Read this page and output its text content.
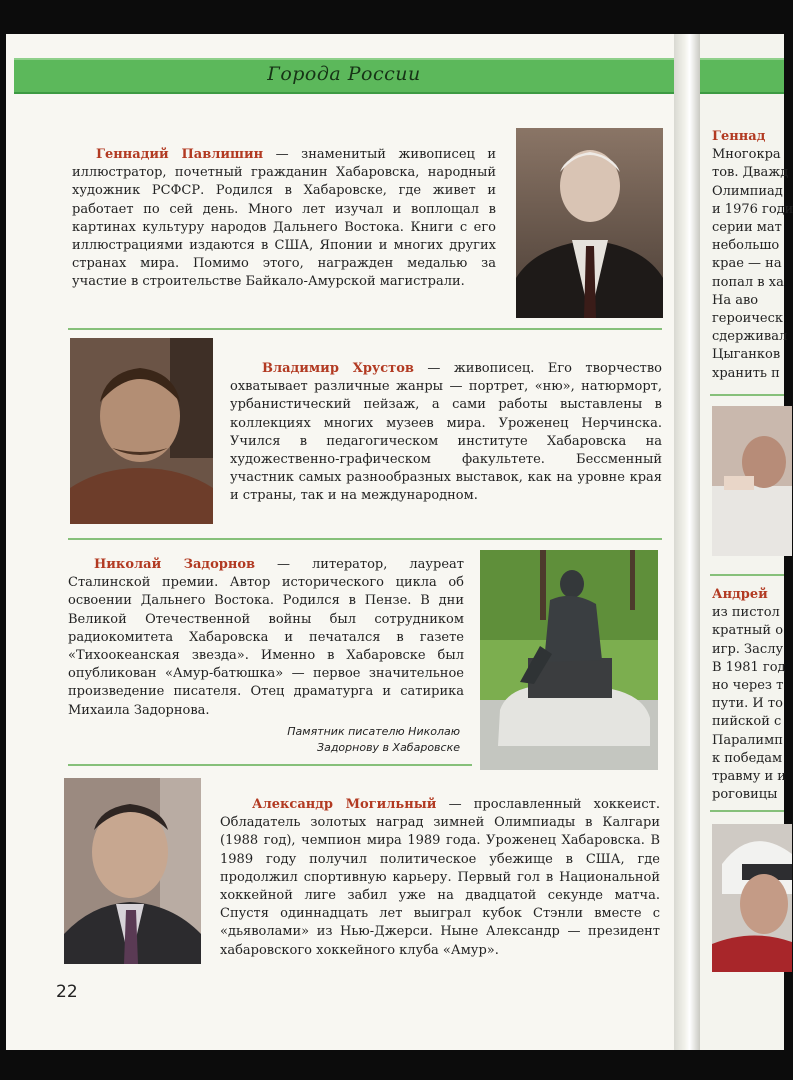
Города России

Геннадий Павлишин — знаменитый живописец и иллюстратор, почетный гражданин Хабаровска, народный художник РСФСР. Родился в Хабаровске, где живет и работает по сей день. Много лет изучал и воплощал в картинах культуру народов Дальнего Востока. Книги с его иллюстрациями издаются в США, Японии и многих других странах мира. Помимо этого, награжден медалью за участие в строительстве Байкало-Амурской магистрали.

Владимир Хрустов — живописец. Его творчество охватывает различные жанры — портрет, «ню», натюрморт, урбанистический пейзаж, а сами работы выставлены в коллекциях многих музеев мира. Уроженец Нерчинска. Учился в педагогическом институте Хабаровска на художественно-графическом факультете. Бессменный участник самых разнообразных выставок, как на уровне края и страны, так и на международном.

Николай Задорнов — литератор, лауреат Сталинской премии. Автор исторического цикла об освоении Дальнего Востока. Родился в Пензе. В дни Великой Отечественной войны был сотрудником радиокомитета Хабаровска и печатался в газете «Тихоокеанская звезда». Именно в Хабаровске был опубликован «Амур-батюшка» — первое значительное произведение писателя. Отец драматурга и сатирика Михаила Задорнова.

Памятник писателю Николаю
Задорнову в Хабаровске

Александр Могильный — прославленный хоккеист. Обладатель золотых наград зимней Олимпиады в Калгари (1988 год), чемпион мира 1989 года. Уроженец Хабаровска. В 1989 году получил политическое убежище в США, где продолжил спортивную карьеру. Первый гол в Национальной хоккейной лиге забил уже на двадцатой секунде матча. Спустя одиннадцать лет выиграл кубок Стэнли вместе с «дьяволами» из Нью-Джерси. Ныне Александр — президент хабаровского хоккейного клуба «Амур».

22
Геннад
Многокра
тов. Дважд
Олимпиад
и 1976 годи
серии мат
небольшо
крае — на
попал в ха
На аво
героическ
сдерживал
Цыганков
хранить п
Андрей
из пистол
кратный о
игр. Заслу
В 1981 год
но через т
пути. И то
пийской с
Паралимп
к победам
травму и и
роговицы
